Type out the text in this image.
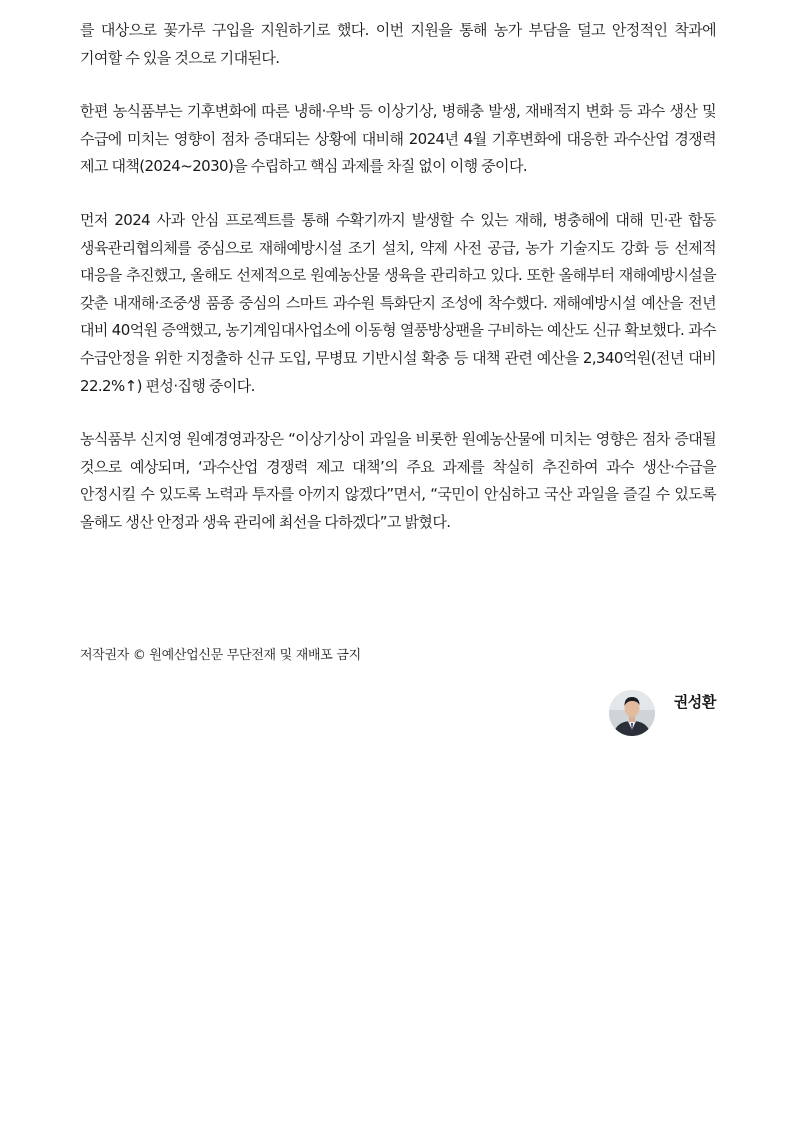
를 대상으로 꽃가루 구입을 지원하기로 했다. 이번 지원을 통해 농가 부담을 덜고 안정적인 착과에 기여할 수 있을 것으로 기대된다.

한편 농식품부는 기후변화에 따른 냉해·우박 등 이상기상, 병해충 발생, 재배적지 변화 등 과수 생산 및 수급에 미치는 영향이 점차 증대되는 상황에 대비해 2024년 4월 기후변화에 대응한 과수산업 경쟁력 제고 대책(2024~2030)을 수립하고 핵심 과제를 차질 없이 이행 중이다.

먼저 2024 사과 안심 프로젝트를 통해 수확기까지 발생할 수 있는 재해, 병충해에 대해 민·관 합동 생육관리협의체를 중심으로 재해예방시설 조기 설치, 약제 사전 공급, 농가 기술지도 강화 등 선제적 대응을 추진했고, 올해도 선제적으로 원예농산물 생육을 관리하고 있다. 또한 올해부터 재해예방시설을 갖춘 내재해·조중생 품종 중심의 스마트 과수원 특화단지 조성에 착수했다. 재해예방시설 예산을 전년 대비 40억원 증액했고, 농기계임대사업소에 이동형 열풍방상팬을 구비하는 예산도 신규 확보했다. 과수 수급안정을 위한 지정출하 신규 도입, 무병묘 기반시설 확충 등 대책 관련 예산을 2,340억원(전년 대비 22.2%↑) 편성·집행 중이다.

농식품부 신지영 원예경영과장은 “이상기상이 과일을 비롯한 원예농산물에 미치는 영향은 점차 증대될 것으로 예상되며, ‘과수산업 경쟁력 제고 대책’의 주요 과제를 착실히 추진하여 과수 생산·수급을 안정시킬 수 있도록 노력과 투자를 아끼지 않겠다”면서, “국민이 안심하고 국산 과일을 즐길 수 있도록 올해도 생산 안정과 생육 관리에 최선을 다하겠다”고 밝혔다.

저작권자 © 원예산업신문 무단전재 및 재배포 금지
권성환
